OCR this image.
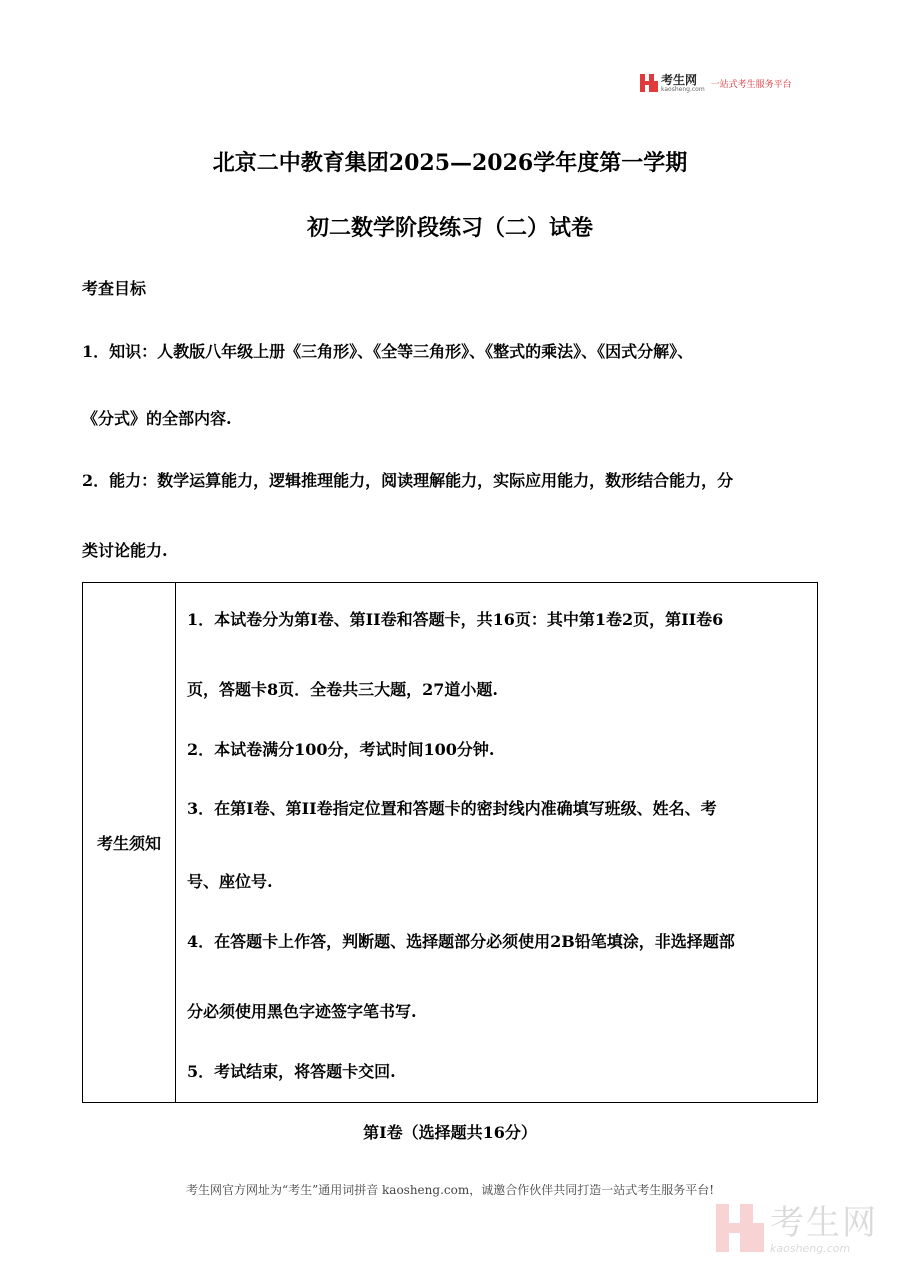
考生网
kaosheng.com 一站式考生服务平台
北京二中教育集团2025—2026学年度第一学期
初二数学阶段练习（二）试卷
考查目标
1．知识：人教版八年级上册《三角形》、《全等三角形》、《整式的乘法》、《因式分解》、
《分式》的全部内容.
2．能力：数学运算能力，逻辑推理能力，阅读理解能力，实际应用能力，数形结合能力，分
类讨论能力.
考生须知
1．本试卷分为第I卷、第II卷和答题卡，共16页：其中第1卷2页，第II卷6
页，答题卡8页．全卷共三大题，27道小题.
2．本试卷满分100分，考试时间100分钟.
3．在第I卷、第II卷指定位置和答题卡的密封线内准确填写班级、姓名、考
号、座位号.
4．在答题卡上作答，判断题、选择题部分必须使用2B铅笔填涂，非选择题部
分必须使用黑色字迹签字笔书写.
5．考试结束，将答题卡交回.
第I卷（选择题共16分）
考生网官方网址为“考生”通用词拼音 kaosheng.com，诚邀合作伙伴共同打造一站式考生服务平台!
考生网
kaosheng.com
